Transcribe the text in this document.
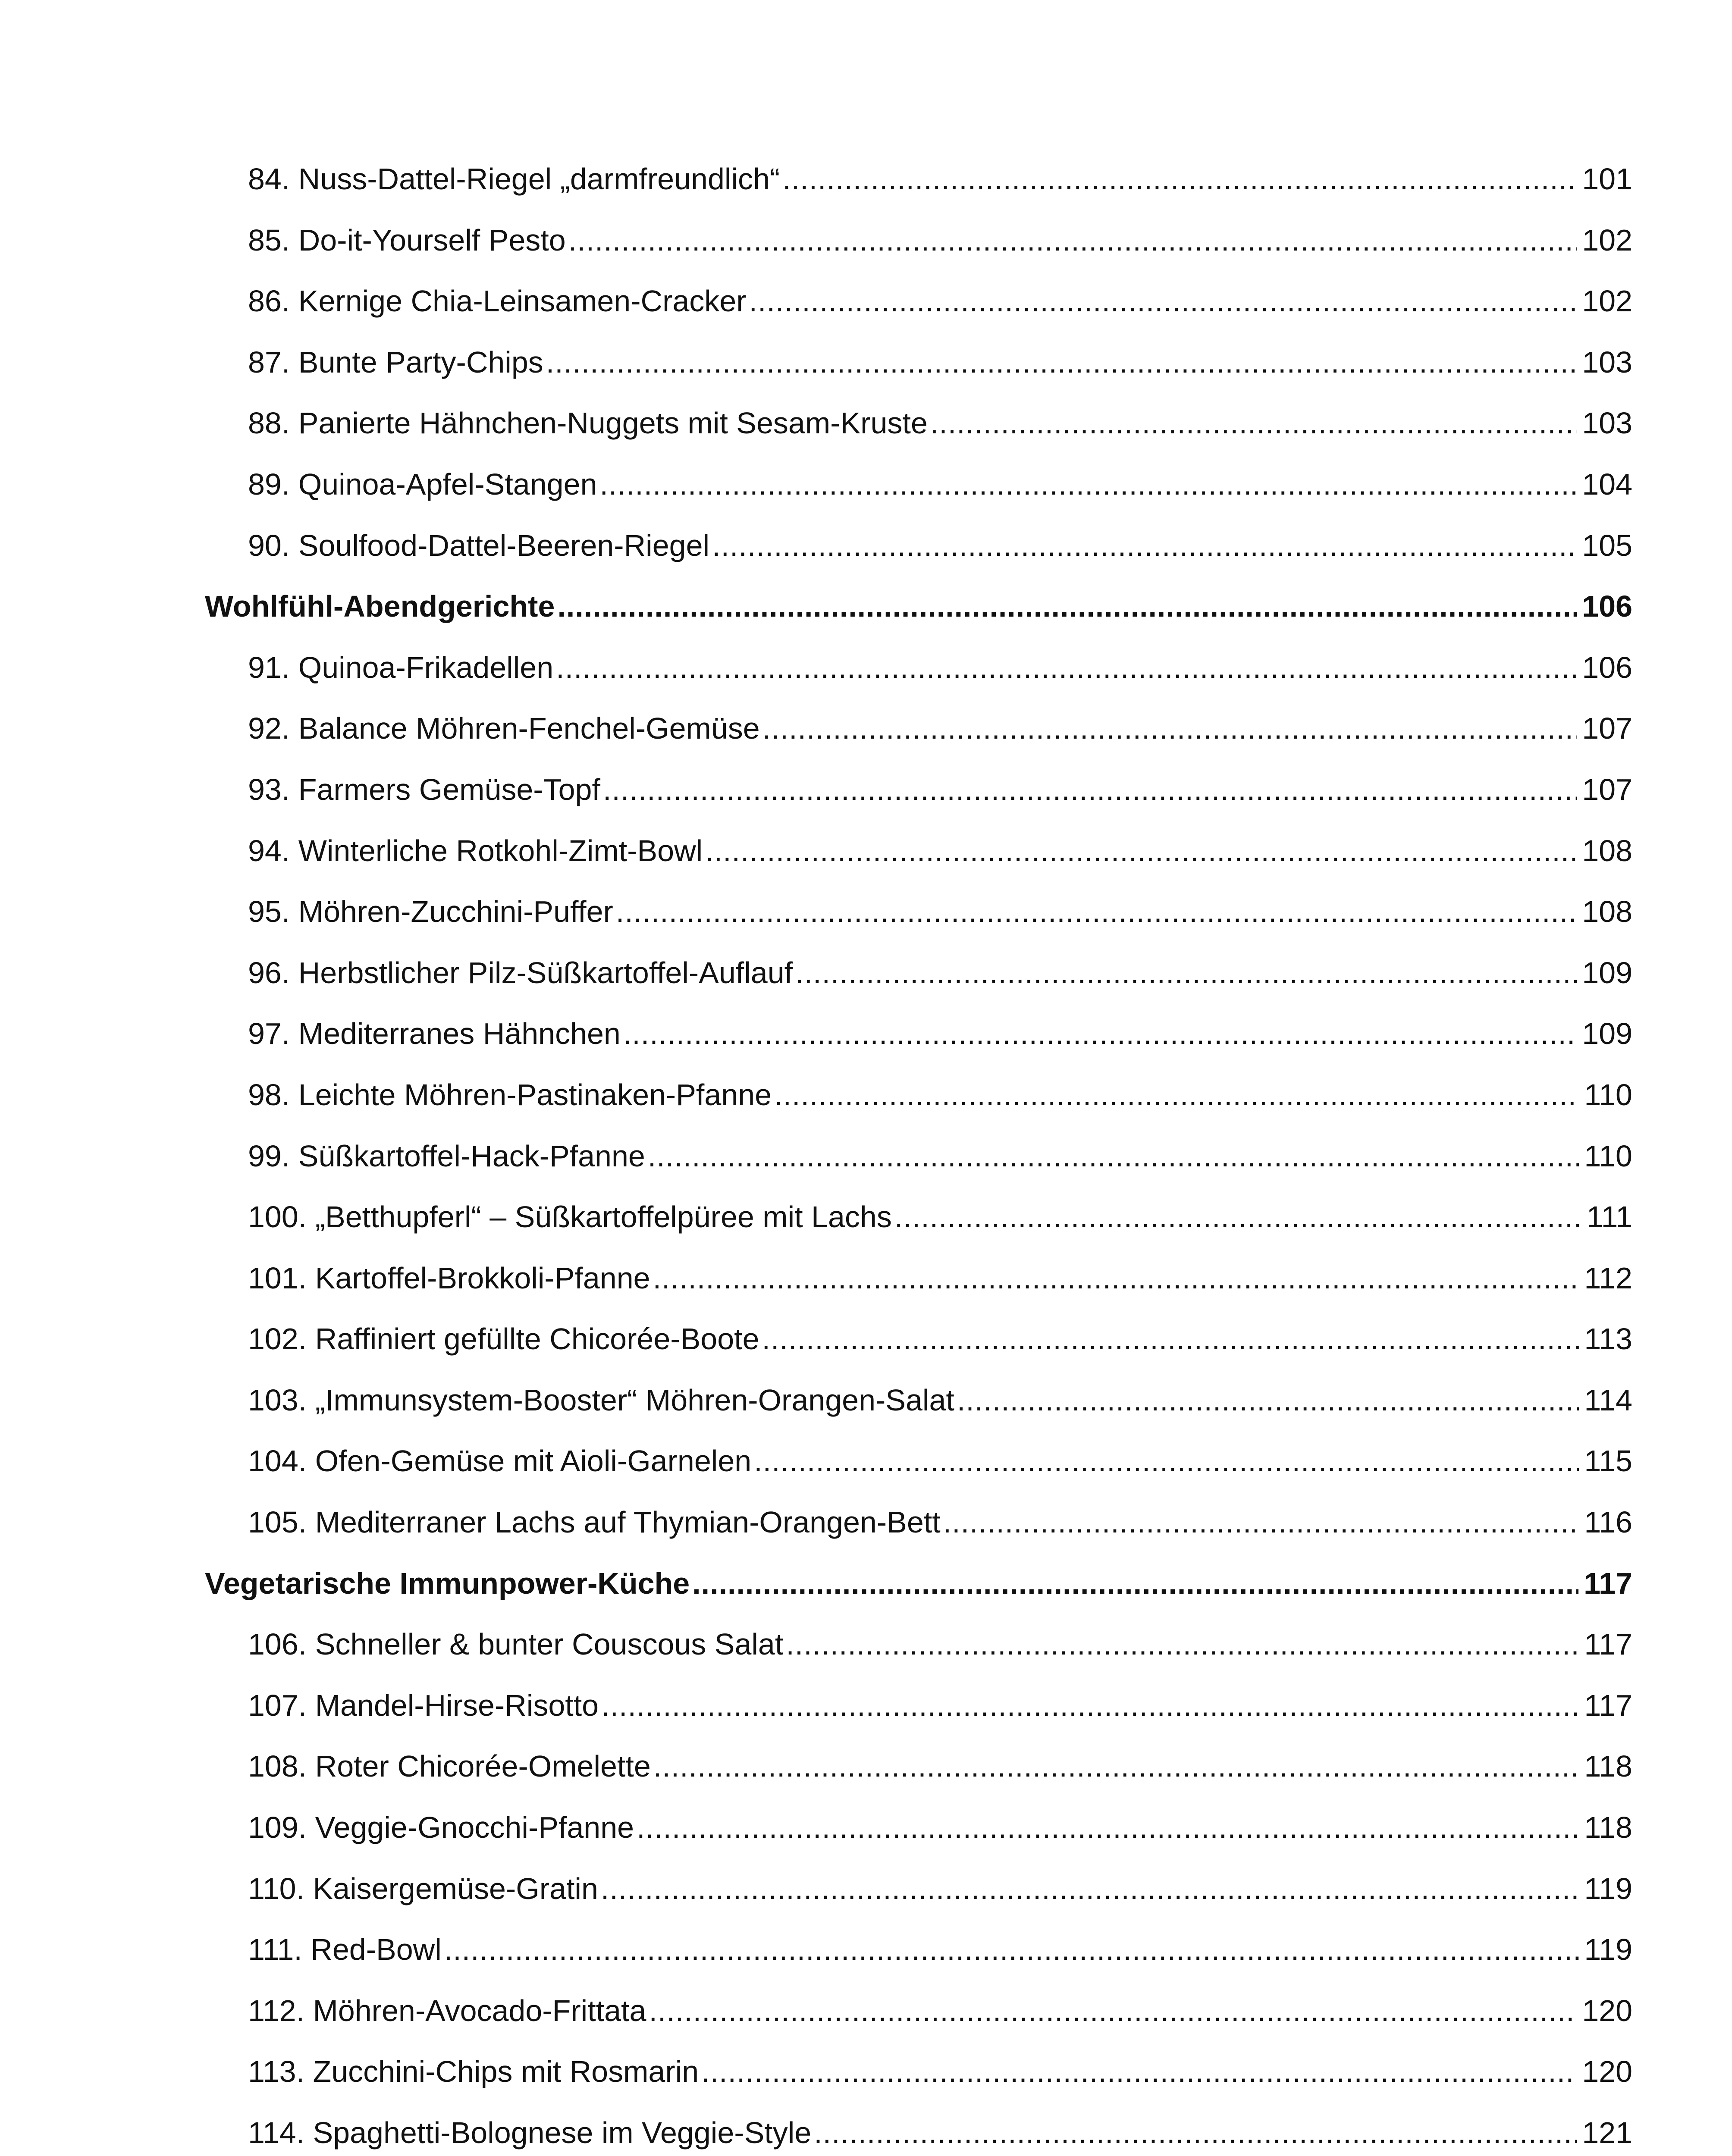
84. Nuss-Dattel-Riegel „darmfreundlich“ .....	101
85. Do-it-Yourself Pesto .....	102
86. Kernige Chia-Leinsamen-Cracker .....	102
87. Bunte Party-Chips .....	103
88. Panierte Hähnchen-Nuggets mit Sesam-Kruste .....	103
89. Quinoa-Apfel-Stangen .....	104
90. Soulfood-Dattel-Beeren-Riegel .....	105
Wohlfühl-Abendgerichte .....	106
91. Quinoa-Frikadellen .....	106
92. Balance Möhren-Fenchel-Gemüse .....	107
93. Farmers Gemüse-Topf .....	107
94. Winterliche Rotkohl-Zimt-Bowl .....	108
95. Möhren-Zucchini-Puffer .....	108
96. Herbstlicher Pilz-Süßkartoffel-Auflauf .....	109
97. Mediterranes Hähnchen .....	109
98. Leichte Möhren-Pastinaken-Pfanne .....	110
99. Süßkartoffel-Hack-Pfanne .....	110
100. „Betthupferl“ – Süßkartoffelpüree mit Lachs .....	111
101. Kartoffel-Brokkoli-Pfanne .....	112
102. Raffiniert gefüllte Chicorée-Boote .....	113
103. „Immunsystem-Booster“ Möhren-Orangen-Salat .....	114
104. Ofen-Gemüse mit Aioli-Garnelen .....	115
105. Mediterraner Lachs auf Thymian-Orangen-Bett .....	116
Vegetarische Immunpower-Küche .....	117
106. Schneller & bunter Couscous Salat .....	117
107. Mandel-Hirse-Risotto .....	117
108. Roter Chicorée-Omelette .....	118
109. Veggie-Gnocchi-Pfanne .....	118
110. Kaisergemüse-Gratin .....	119
111. Red-Bowl .....	119
112. Möhren-Avocado-Frittata .....	120
113. Zucchini-Chips mit Rosmarin .....	120
114. Spaghetti-Bolognese im Veggie-Style .....	121
